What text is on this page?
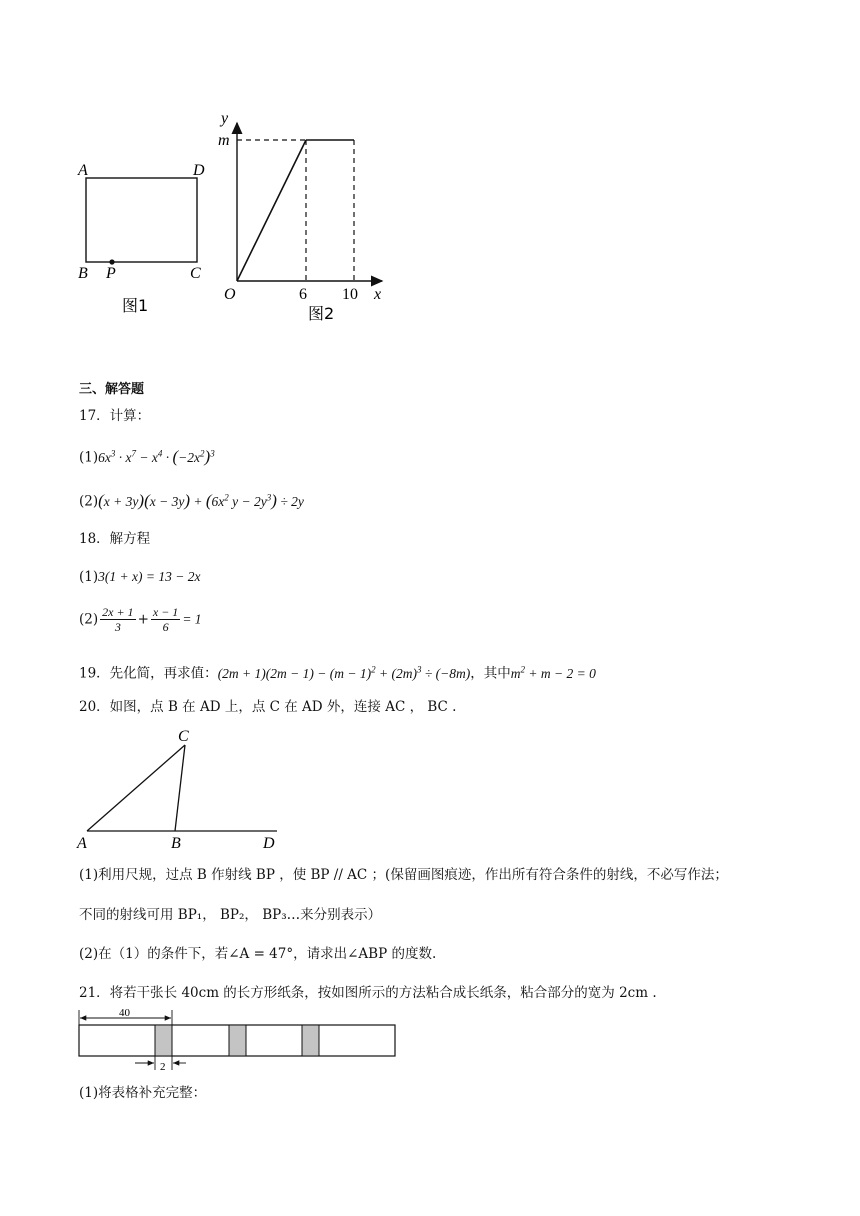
A	D
B P	C
图1
y
m
O	6 10 x
图2
三、解答题
17．计算：
$(1)6x^3 \cdot x^7 - x^4 \cdot (-2x^2)^3$
$(2)(x + 3y)(x - 3y) + (6x^2$ $y - 2y^3) \div 2y$
18．解方程
(1)3(1 + x) = 13 − 2x
$(2) \frac{2x + 1}{3} + \frac{x - 1}{6} = 1$
19．先化简，再求值：$(2m + 1)(2m - 1) - (m - 1)^2 + (2m)^3 \div (-8m)$，其中$m^2 + m - 2 = 0$
20．如图，点 B 在 AD 上，点 C 在 AD 外，连接 AC ， BC .
C
A	B	D
(1)利用尺规，过点 B 作射线 BP ，使 BP // AC ；(保留画图痕迹，作出所有符合条件的射线，不必写作法；
不同的射线可用 BP₁， BP₂， BP₃…来分别表示）
(2)在（1）的条件下，若∠A = 47°，请求出∠ABP 的度数.
21．将若干张长 40cm 的长方形纸条，按如图所示的方法粘合成长纸条，粘合部分的宽为 2cm .
40
2
(1)将表格补充完整：
